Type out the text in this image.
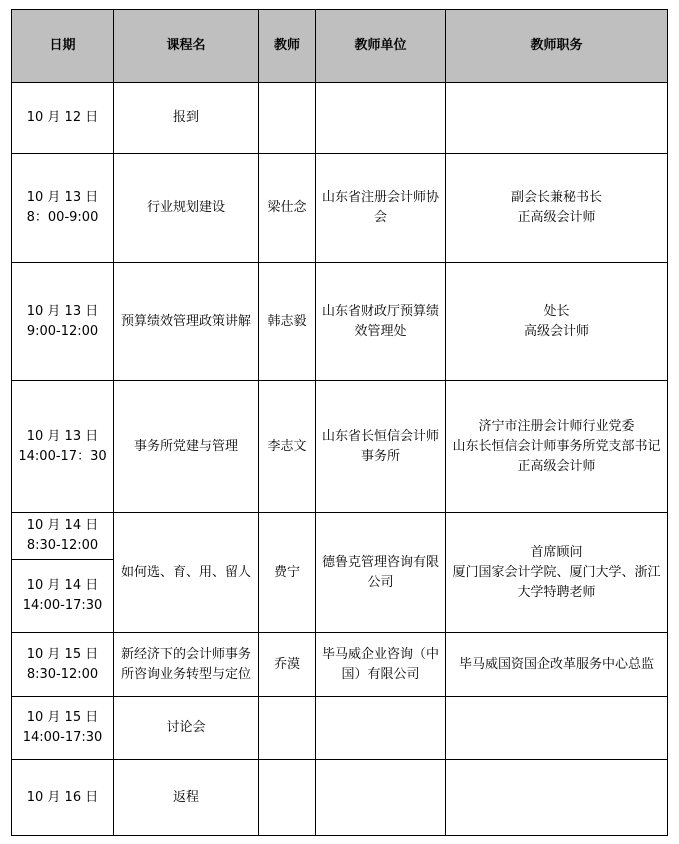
日期	课程名	教师	教师单位	教师职务

10 月 12 日	报到			

10 月 13 日
8：00-9:00	行业规划建设	梁仕念	山东省注册会计师协会	副会长兼秘书长
正高级会计师

10 月 13 日
9:00-12:00	预算绩效管理政策讲解	韩志毅	山东省财政厅预算绩效管理处	处长
高级会计师

10 月 13 日
14:00-17：30	事务所党建与管理	李志文	山东省长恒信会计师事务所	济宁市注册会计师行业党委
山东长恒信会计师事务所党支部书记
正高级会计师

10 月 14 日
8:30-12:00	如何选、育、用、留人	费宁	德鲁克管理咨询有限公司	首席顾问
厦门国家会计学院、厦门大学、浙江大学特聘老师

10 月 14 日
14:00-17:30				

10 月 15 日
8:30-12:00	新经济下的会计师事务所咨询业务转型与定位	乔漠	毕马威企业咨询（中国）有限公司	毕马威国资国企改革服务中心总监

10 月 15 日
14:00-17:30	讨论会			

10 月 16 日	返程			
